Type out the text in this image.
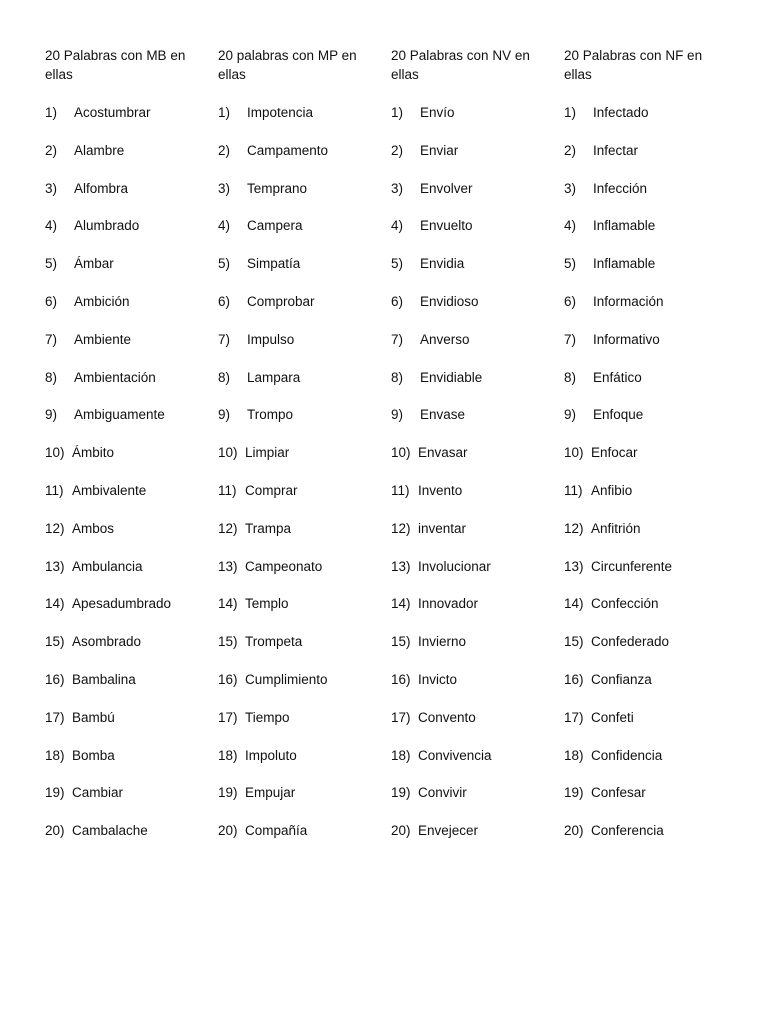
20 Palabras con MB en ellas
1) Acostumbrar
2) Alambre
3) Alfombra
4) Alumbrado
5) Ámbar
6) Ambición
7) Ambiente
8) Ambientación
9) Ambiguamente
10) Ámbito
11) Ambivalente
12) Ambos
13) Ambulancia
14) Apesadumbrado
15) Asombrado
16) Bambalina
17) Bambú
18) Bomba
19) Cambiar
20) Cambalache
20 palabras con MP en ellas
1) Impotencia
2) Campamento
3) Temprano
4) Campera
5) Simpatía
6) Comprobar
7) Impulso
8) Lampara
9) Trompo
10) Limpiar
11) Comprar
12) Trampa
13) Campeonato
14) Templo
15) Trompeta
16) Cumplimiento
17) Tiempo
18) Impoluto
19) Empujar
20) Compañía
20 Palabras con NV en ellas
1) Envío
2) Enviar
3) Envolver
4) Envuelto
5) Envidia
6) Envidioso
7) Anverso
8) Envidiable
9) Envase
10) Envasar
11) Invento
12) inventar
13) Involucionar
14) Innovador
15) Invierno
16) Invicto
17) Convento
18) Convivencia
19) Convivir
20) Envejecer
20 Palabras con NF en ellas
1) Infectado
2) Infectar
3) Infección
4) Inflamable
5) Inflamable
6) Información
7) Informativo
8) Enfático
9) Enfoque
10) Enfocar
11) Anfibio
12) Anfitrión
13) Circunferente
14) Confección
15) Confederado
16) Confianza
17) Confeti
18) Confidencia
19) Confesar
20) Conferencia
